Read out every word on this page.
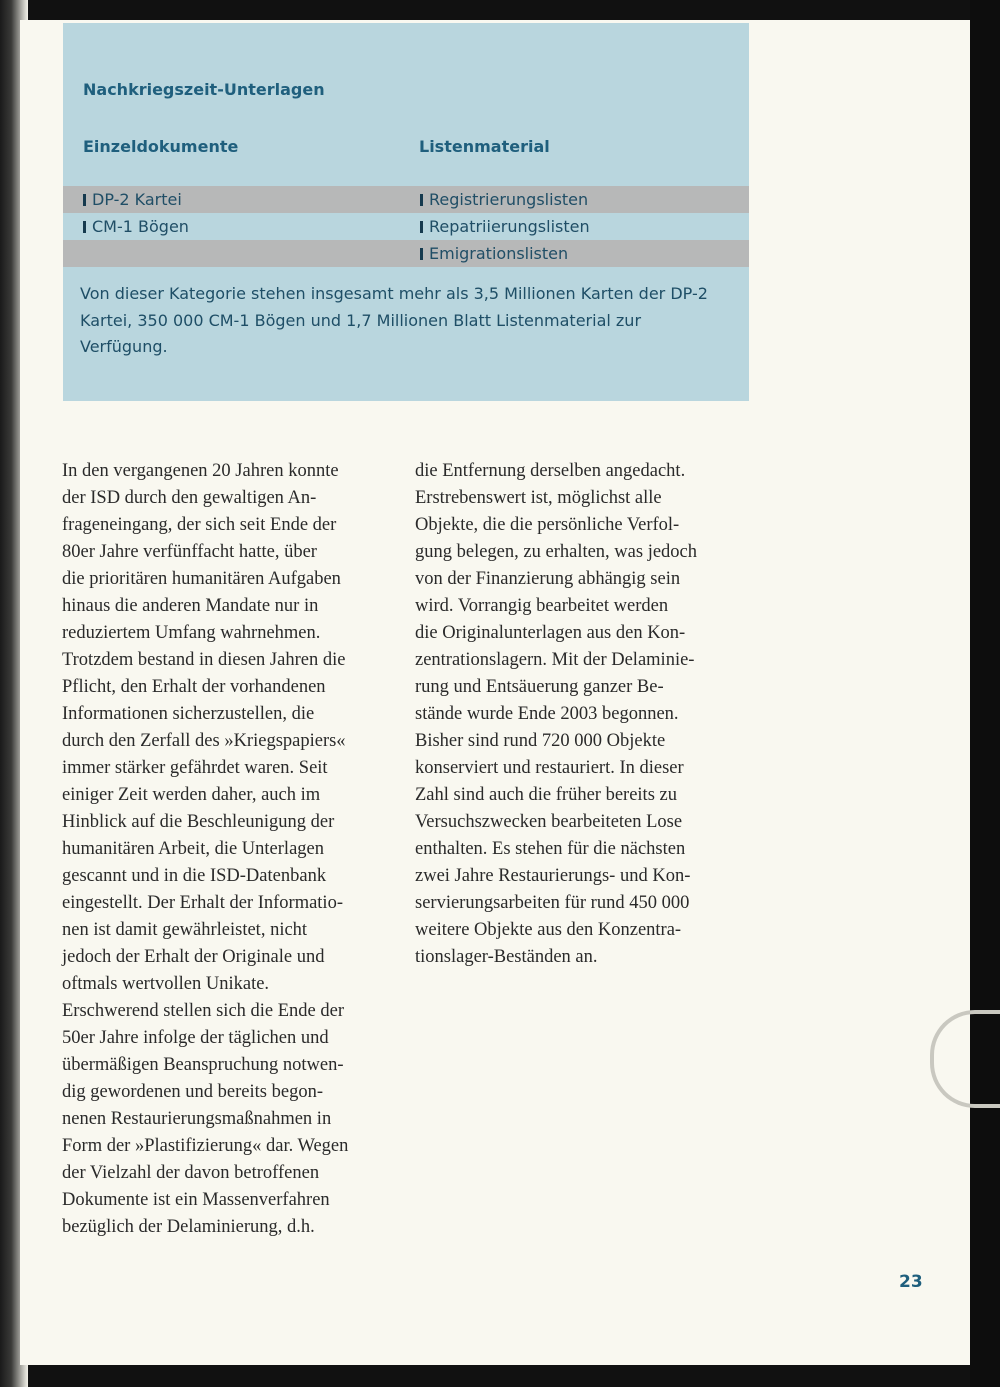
Nachkriegszeit-Unterlagen
Einzeldokumente	Listenmaterial
DP-2 Kartei
CM-1 Bögen
Registrierungslisten
Repatriierungslisten
Emigrationslisten
Von dieser Kategorie stehen insgesamt mehr als 3,5 Millionen Karten der DP-2 Kartei, 350 000 CM-1 Bögen und 1,7 Millionen Blatt Listenmaterial zur Verfügung.

In den vergangenen 20 Jahren konnte

der ISD durch den gewaltigen An-

frageneingang, der sich seit Ende der

80er Jahre verfünffacht hatte, über

die prioritären humanitären Aufgaben

hinaus die anderen Mandate nur in

reduziertem Umfang wahrnehmen.

Trotzdem bestand in diesen Jahren die

Pflicht, den Erhalt der vorhandenen

Informationen sicherzustellen, die

durch den Zerfall des »Kriegspapiers«

immer stärker gefährdet waren. Seit

einiger Zeit werden daher, auch im

Hinblick auf die Beschleunigung der

humanitären Arbeit, die Unterlagen

gescannt und in die ISD-Datenbank

eingestellt. Der Erhalt der Informatio-

nen ist damit gewährleistet, nicht

jedoch der Erhalt der Originale und

oftmals wertvollen Unikate.

Erschwerend stellen sich die Ende der

50er Jahre infolge der täglichen und

übermäßigen Beanspruchung notwen-

dig gewordenen und bereits begon-

nenen Restaurierungsmaßnahmen in

Form der »Plastifizierung« dar. Wegen

der Vielzahl der davon betroffenen

Dokumente ist ein Massenverfahren

bezüglich der Delaminierung, d.h.

die Entfernung derselben angedacht.

Erstrebenswert ist, möglichst alle

Objekte, die die persönliche Verfol-

gung belegen, zu erhalten, was jedoch

von der Finanzierung abhängig sein

wird. Vorrangig bearbeitet werden

die Originalunterlagen aus den Kon-

zentrationslagern. Mit der Delaminie-

rung und Entsäuerung ganzer Be-

stände wurde Ende 2003 begonnen.

Bisher sind rund 720 000 Objekte

konserviert und restauriert. In dieser

Zahl sind auch die früher bereits zu

Versuchszwecken bearbeiteten Lose

enthalten. Es stehen für die nächsten

zwei Jahre Restaurierungs- und Kon-

servierungsarbeiten für rund 450 000

weitere Objekte aus den Konzentra-

tionslager-Beständen an.

23
